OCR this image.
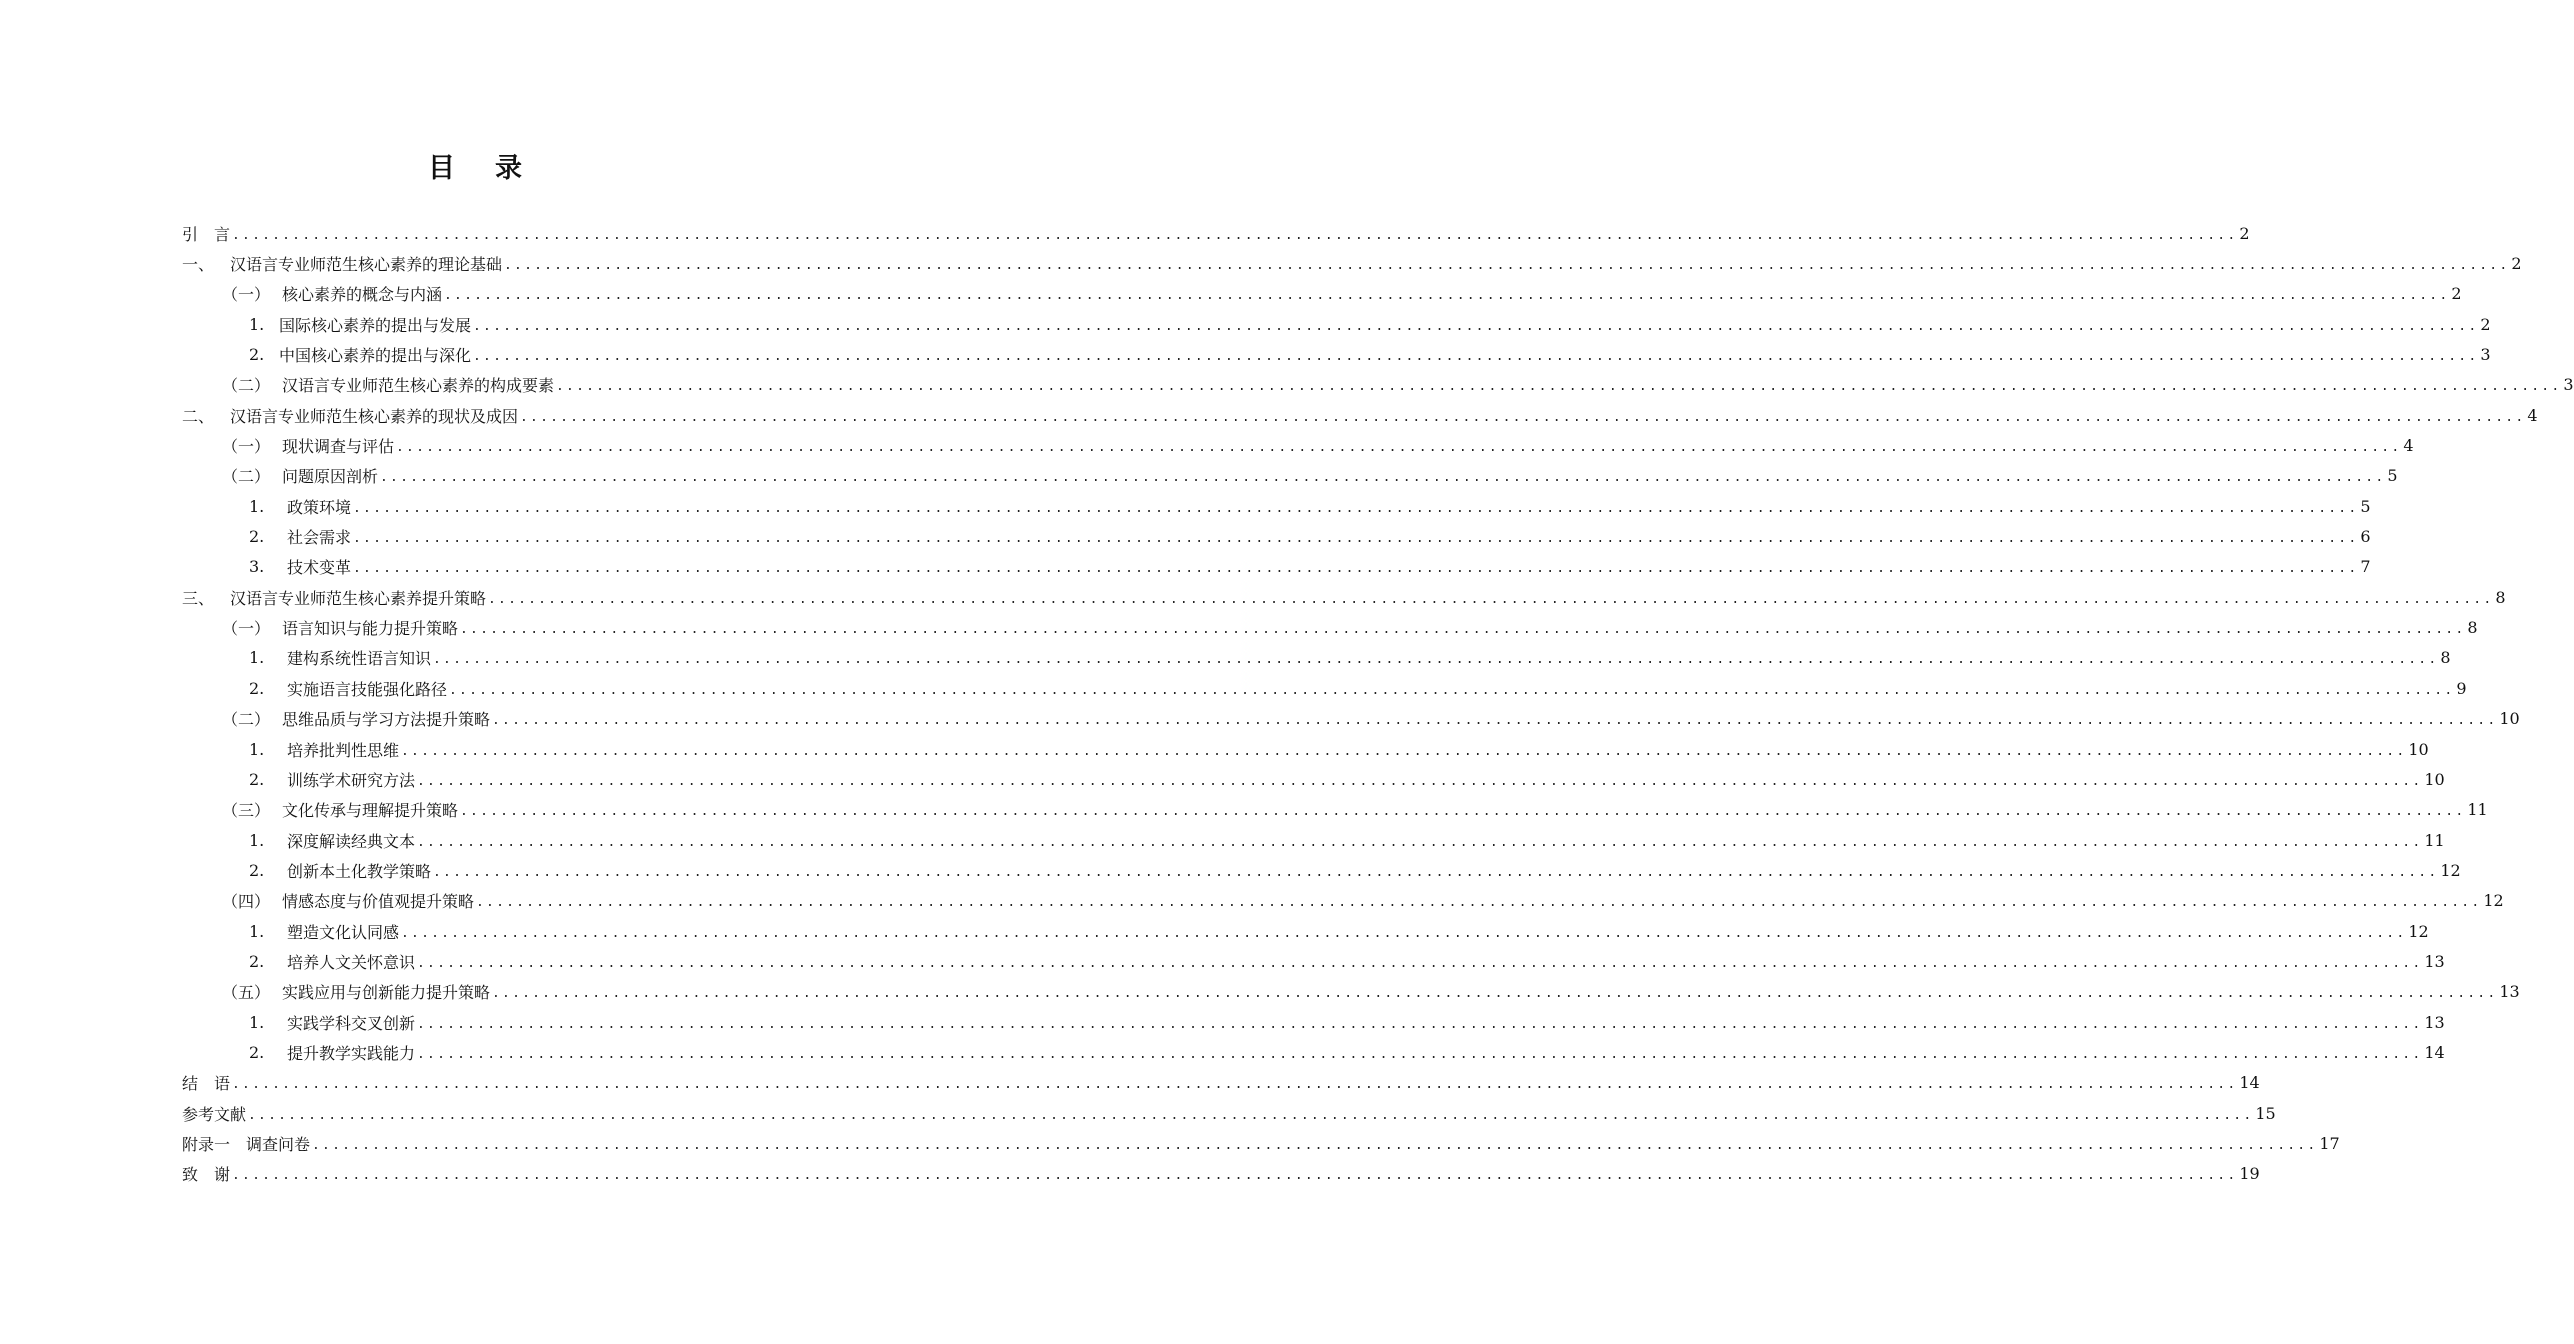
目 录
引　言 ........................................................................................................................................................................................................ 2
一、 汉语言专业师范生核心素养的理论基础 ........................................................................................................................................................................................................ 2
（一） 核心素养的概念与内涵 ........................................................................................................................................................................................................ 2
1. 国际核心素养的提出与发展 ........................................................................................................................................................................................................ 2
2. 中国核心素养的提出与深化 ........................................................................................................................................................................................................ 3
（二） 汉语言专业师范生核心素养的构成要素 ........................................................................................................................................................................................................ 3
二、 汉语言专业师范生核心素养的现状及成因 ........................................................................................................................................................................................................ 4
（一） 现状调查与评估 ........................................................................................................................................................................................................ 4
（二） 问题原因剖析 ........................................................................................................................................................................................................ 5
1.	政策环境 ........................................................................................................................................................................................................ 5
2.	社会需求 ........................................................................................................................................................................................................ 6
3.	技术变革 ........................................................................................................................................................................................................ 7
三、 汉语言专业师范生核心素养提升策略 ........................................................................................................................................................................................................ 8
（一） 语言知识与能力提升策略 ........................................................................................................................................................................................................ 8
1.	建构系统性语言知识 ........................................................................................................................................................................................................ 8
2.	实施语言技能强化路径 ........................................................................................................................................................................................................ 9
（二） 思维品质与学习方法提升策略 ........................................................................................................................................................................................................ 10
1.	培养批判性思维 ........................................................................................................................................................................................................ 10
2.	训练学术研究方法 ........................................................................................................................................................................................................ 10
（三） 文化传承与理解提升策略 ........................................................................................................................................................................................................ 11
1.	深度解读经典文本 ........................................................................................................................................................................................................ 11
2.	创新本土化教学策略 ........................................................................................................................................................................................................ 12
（四） 情感态度与价值观提升策略 ........................................................................................................................................................................................................ 12
1.	塑造文化认同感 ........................................................................................................................................................................................................ 12
2.	培养人文关怀意识 ........................................................................................................................................................................................................ 13
（五） 实践应用与创新能力提升策略 ........................................................................................................................................................................................................ 13
1.	实践学科交叉创新 ........................................................................................................................................................................................................ 13
2.	提升教学实践能力 ........................................................................................................................................................................................................ 14
结　语 ........................................................................................................................................................................................................ 14
参考文献 ........................................................................................................................................................................................................ 15
附录一　调查问卷 ........................................................................................................................................................................................................ 17
致　谢 ........................................................................................................................................................................................................ 19
